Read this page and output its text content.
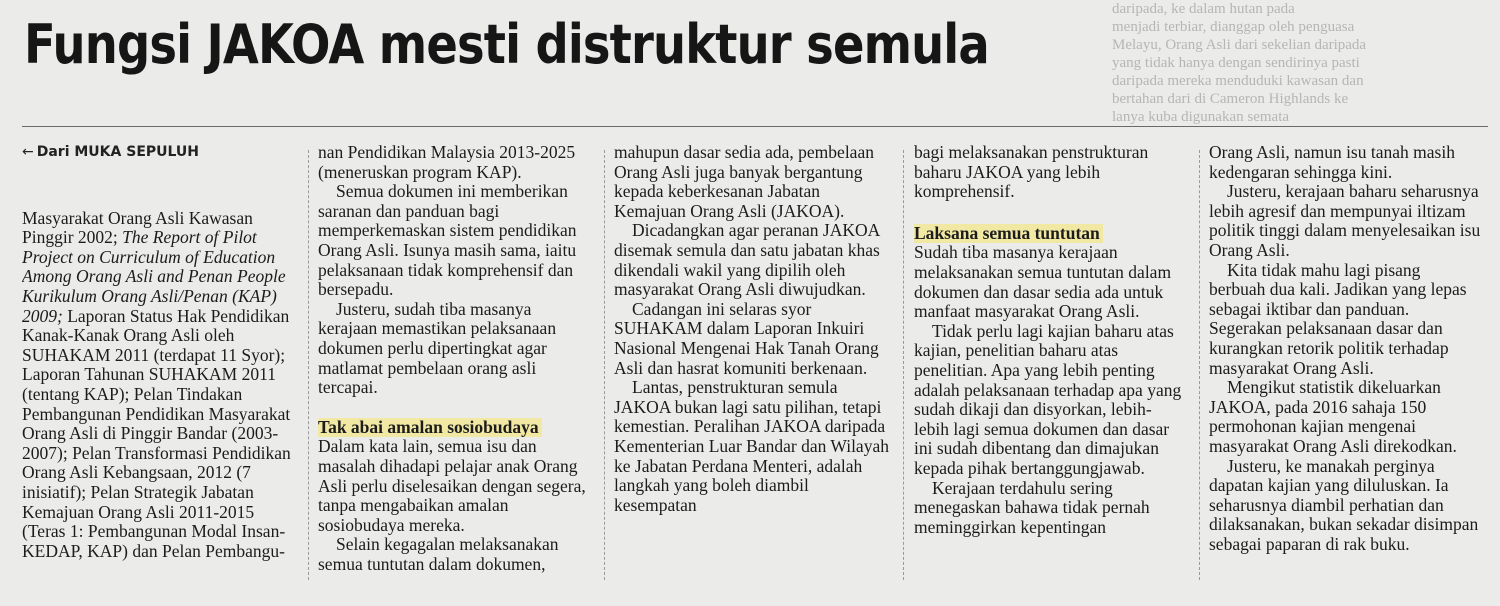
daripada, ke dalam hutan pada
menjadi terbiar, dianggap oleh penguasa
Melayu, Orang Asli dari sekelian daripada
yang tidak hanya dengan sendirinya pasti
daripada mereka menduduki kawasan dan
bertahan dari di Cameron Highlands ke
lanya kuba digunakan semata
Fungsi JAKOA mesti distruktur semula
← Dari MUKA SEPULUH

Masyarakat Orang Asli Kawasan Pinggir 2002; The Report of Pilot Project on Curriculum of Education Among Orang Asli and Penan People Kurikulum Orang Asli/Penan (KAP) 2009; Laporan Status Hak Pendidikan Kanak-Kanak Orang Asli oleh SUHAKAM 2011 (terdapat 11 Syor); Laporan Tahunan SUHAKAM 2011 (tentang KAP); Pelan Tindakan Pembangunan Pendidikan Masyarakat Orang Asli di Pinggir Bandar (2003-2007); Pelan Transformasi Pendidikan Orang Asli Kebangsaan, 2012 (7 inisiatif); Pelan Strategik Jabatan Kemajuan Orang Asli 2011-2015 (Teras 1: Pembangunan Modal Insan- KEDAP, KAP) dan Pelan Pembangu-

nan Pendidikan Malaysia 2013-2025 (meneruskan program KAP).

Semua dokumen ini memberikan saranan dan panduan bagi memperkemaskan sistem pendidikan Orang Asli. Isunya masih sama, iaitu pelaksanaan tidak komprehensif dan bersepadu.

Justeru, sudah tiba masanya kerajaan memastikan pelaksanaan dokumen perlu dipertingkat agar matlamat pembelaan orang asli tercapai.

Tak abai amalan sosiobudaya

Dalam kata lain, semua isu dan masalah dihadapi pelajar anak Orang Asli perlu diselesaikan dengan segera, tanpa mengabaikan amalan sosiobudaya mereka.

Selain kegagalan melaksanakan semua tuntutan dalam dokumen,

mahupun dasar sedia ada, pembelaan Orang Asli juga banyak bergantung kepada keberkesanan Jabatan Kemajuan Orang Asli (JAKOA).

Dicadangkan agar peranan JAKOA disemak semula dan satu jabatan khas dikendali wakil yang dipilih oleh masyarakat Orang Asli diwujudkan.

Cadangan ini selaras syor SUHAKAM dalam Laporan Inkuiri Nasional Mengenai Hak Tanah Orang Asli dan hasrat komuniti berkenaan.

Lantas, penstrukturan semula JAKOA bukan lagi satu pilihan, tetapi kemestian. Peralihan JAKOA daripada Kementerian Luar Bandar dan Wilayah ke Jabatan Perdana Menteri, adalah langkah yang boleh diambil kesempatan

bagi melaksanakan penstrukturan baharu JAKOA yang lebih komprehensif.

Laksana semua tuntutan

Sudah tiba masanya kerajaan melaksanakan semua tuntutan dalam dokumen dan dasar sedia ada untuk manfaat masyarakat Orang Asli.

Tidak perlu lagi kajian baharu atas kajian, penelitian baharu atas penelitian. Apa yang lebih penting adalah pelaksanaan terhadap apa yang sudah dikaji dan disyorkan, lebih-lebih lagi semua dokumen dan dasar ini sudah dibentang dan dimajukan kepada pihak bertanggungjawab.

Kerajaan terdahulu sering menegaskan bahawa tidak pernah meminggirkan kepentingan

Orang Asli, namun isu tanah masih kedengaran sehingga kini.

Justeru, kerajaan baharu seharusnya lebih agresif dan mempunyai iltizam politik tinggi dalam menyelesaikan isu Orang Asli.

Kita tidak mahu lagi pisang berbuah dua kali. Jadikan yang lepas sebagai iktibar dan panduan. Segerakan pelaksanaan dasar dan kurangkan retorik politik terhadap masyarakat Orang Asli.

Mengikut statistik dikeluarkan JAKOA, pada 2016 sahaja 150 permohonan kajian mengenai masyarakat Orang Asli direkodkan.

Justeru, ke manakah perginya dapatan kajian yang diluluskan. Ia seharusnya diambil perhatian dan dilaksanakan, bukan sekadar disimpan sebagai paparan di rak buku.
